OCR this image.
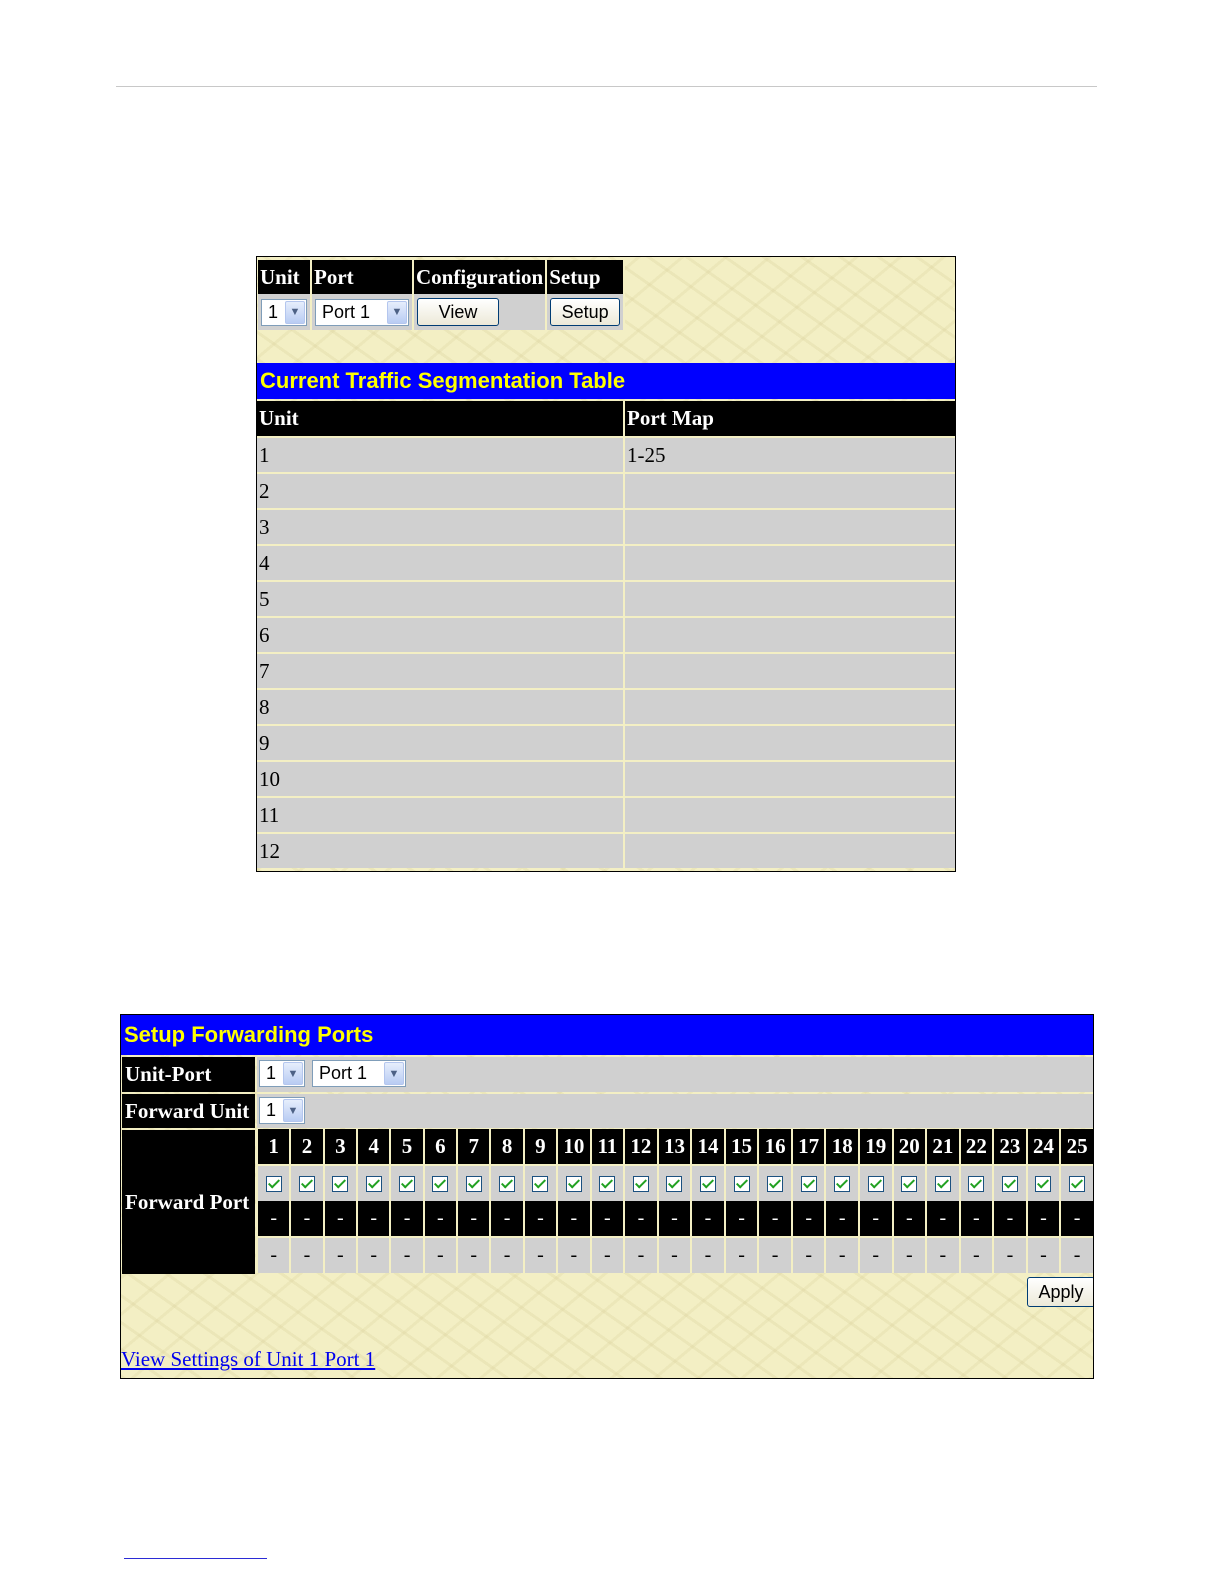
Unit	Port	Configuration	Setup

1 ▼	Port 1 ▼	View	Setup
Current Traffic Segmentation Table
Unit	Port Map
1	1-25
2	
3	
4	
5	
6	
7	
8	
9	
10	
11	
12	
Setup Forwarding Ports
Unit-Port	1	▼	Port 1	▼
Forward Unit 1	▼
Forward Port
1	2	3	4	5	6	7	8	9	10	11	12	13	14	15	16	17	18	19	20	21	22	23	24	25

-	-	-	-	-	-	-	-	-	-	-	-	-	-	-	-	-	-	-	-	-	-	-	-	-
-	-	-	-	-	-	-	-	-	-	-	-	-	-	-	-	-	-	-	-	-	-	-	-	-
Apply
View Settings of Unit 1 Port 1
